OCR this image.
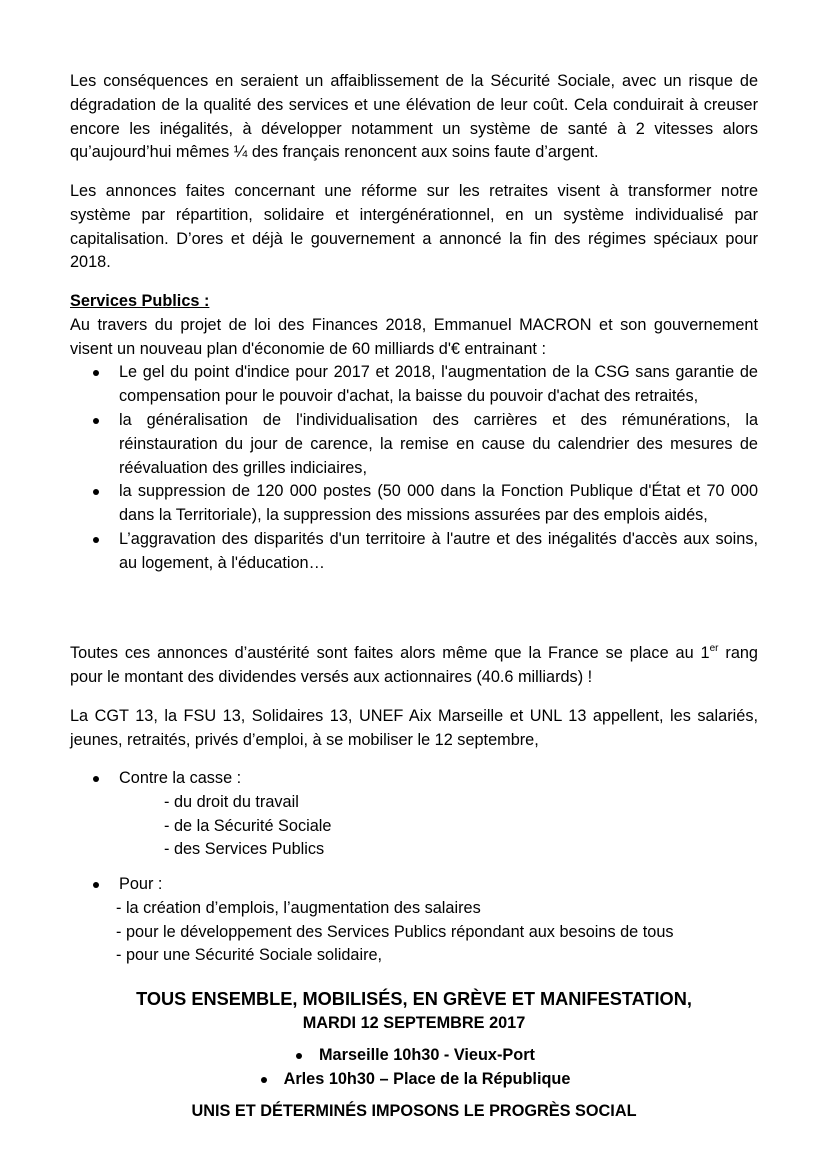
Les conséquences en seraient un affaiblissement de la Sécurité Sociale, avec un risque de dégradation de la qualité des services et une élévation de leur coût. Cela conduirait à creuser encore les inégalités, à développer notamment un système de santé à 2 vitesses alors qu’aujourd’hui mêmes ¼ des français renoncent aux soins faute d’argent.

Les annonces faites concernant une réforme sur les retraites visent à transformer notre système par répartition, solidaire et intergénérationnel, en un système individualisé par capitalisation. D’ores et déjà le gouvernement a annoncé la fin des régimes spéciaux pour 2018.

Services Publics :

Au travers du projet de loi des Finances 2018, Emmanuel MACRON et son gouvernement visent un nouveau plan d'économie de 60 milliards d'€ entrainant :

Le gel du point d'indice pour 2017 et 2018, l'augmentation de la CSG sans garantie de compensation pour le pouvoir d'achat, la baisse du pouvoir d'achat des retraités,
la généralisation de l'individualisation des carrières et des rémunérations, la réinstauration du jour de carence, la remise en cause du calendrier des mesures de réévaluation des grilles indiciaires,
la suppression de 120 000 postes (50 000 dans la Fonction Publique d'État et 70 000 dans la Territoriale), la suppression des missions assurées par des emplois aidés,
L’aggravation des disparités d'un territoire à l'autre et des inégalités d'accès aux soins, au logement, à l'éducation…

Toutes ces annonces d’austérité sont faites alors même que la France se place au 1er rang pour le montant des dividendes versés aux actionnaires (40.6 milliards) !

La CGT 13, la FSU 13, Solidaires 13, UNEF Aix Marseille et UNL 13 appellent, les salariés, jeunes, retraités, privés d’emploi, à se mobiliser le 12 septembre,

Contre la casse :

- du droit du travail

- de la Sécurité Sociale

- des Services Publics

Pour :

- la création d’emplois, l’augmentation des salaires

- pour le développement des Services Publics répondant aux besoins de tous

- pour une Sécurité Sociale solidaire,

TOUS ENSEMBLE, MOBILISÉS, EN GRÈVE ET MANIFESTATION,

MARDI 12 SEPTEMBRE 2017

Marseille 10h30 - Vieux-Port
Arles 10h30 – Place de la République

UNIS ET DÉTERMINÉS IMPOSONS LE PROGRÈS SOCIAL
